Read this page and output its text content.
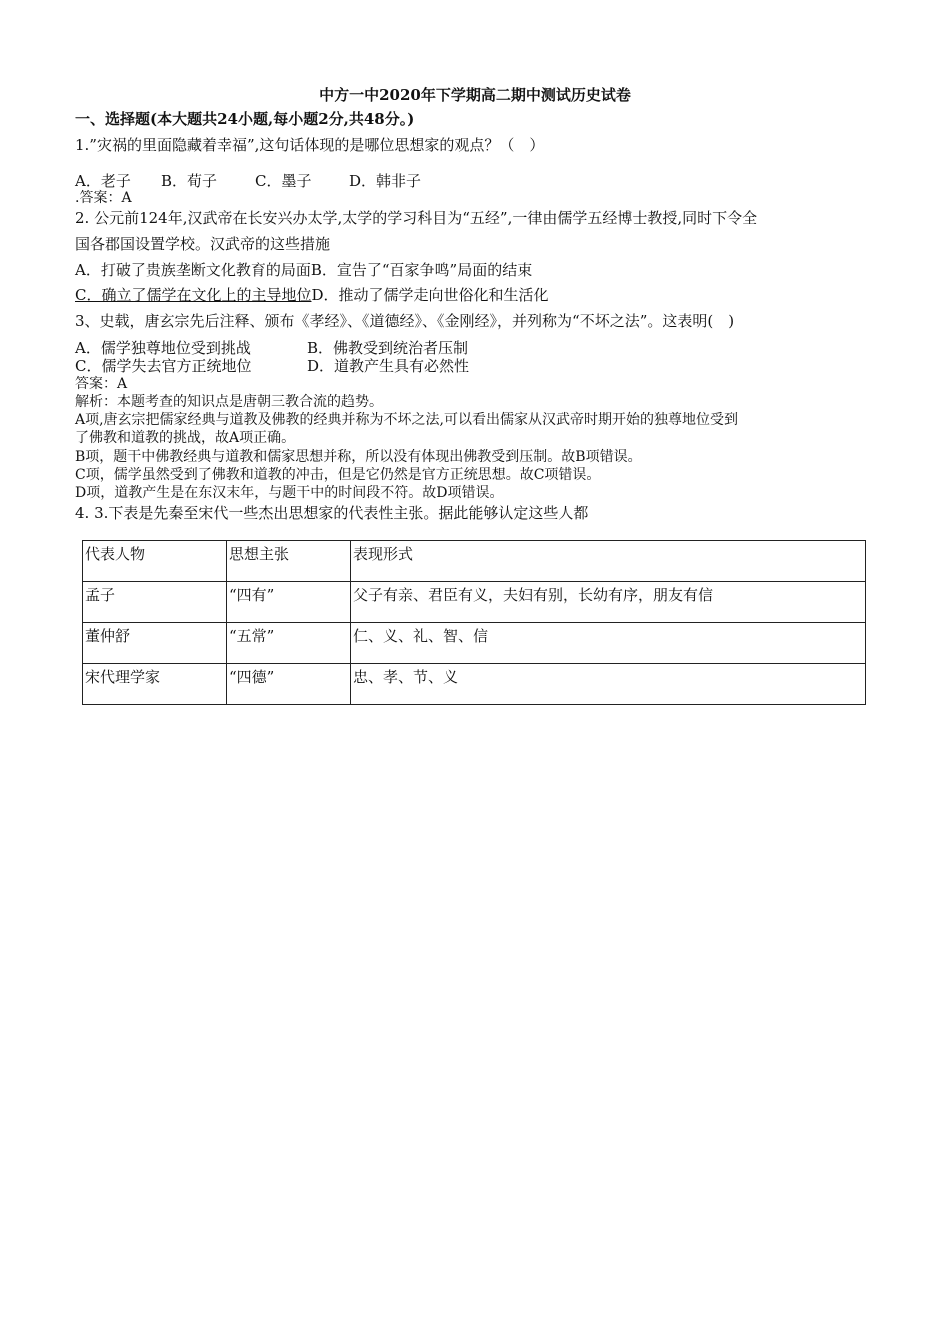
中方一中2020年下学期高二期中测试历史试卷
一、选择题(本大题共24小题,每小题2分,共48分。)
1.”灾祸的里面隐藏着幸福”,这句话体现的是哪位思想家的观点？（　）
A．老子 B．荀子	C．墨子	D．韩非子
.答案：A
2. 公元前124年,汉武帝在长安兴办太学,太学的学习科目为“五经”,一律由儒学五经博士教授,同时下令全
国各郡国设置学校。汉武帝的这些措施
A．打破了贵族垄断文化教育的局面B．宣告了“百家争鸣”局面的结束
C．确立了儒学在文化上的主导地位D．推动了儒学走向世俗化和生活化
3、史载，唐玄宗先后注释、颁布《孝经》、《道德经》、《金刚经》，并列称为“不坏之法”。这表明(　)
A．儒学独尊地位受到挑战	B．佛教受到统治者压制
C．儒学失去官方正统地位	D．道教产生具有必然性
答案：A
解析：本题考查的知识点是唐朝三教合流的趋势。
A项,唐玄宗把儒家经典与道教及佛教的经典并称为不坏之法,可以看出儒家从汉武帝时期开始的独尊地位受到
了佛教和道教的挑战，故A项正确。
B项，题干中佛教经典与道教和儒家思想并称，所以没有体现出佛教受到压制。故B项错误。
C项，儒学虽然受到了佛教和道教的冲击，但是它仍然是官方正统思想。故C项错误。
D项，道教产生是在东汉末年，与题干中的时间段不符。故D项错误。
4. 3.下表是先秦至宋代一些杰出思想家的代表性主张。据此能够认定这些人都
代表人物	思想主张	表现形式
孟子	“四有”	父子有亲、君臣有义，夫妇有别，长幼有序，朋友有信
董仲舒	“五常”	仁、义、礼、智、信
宋代理学家	“四德”	忠、孝、节、义
